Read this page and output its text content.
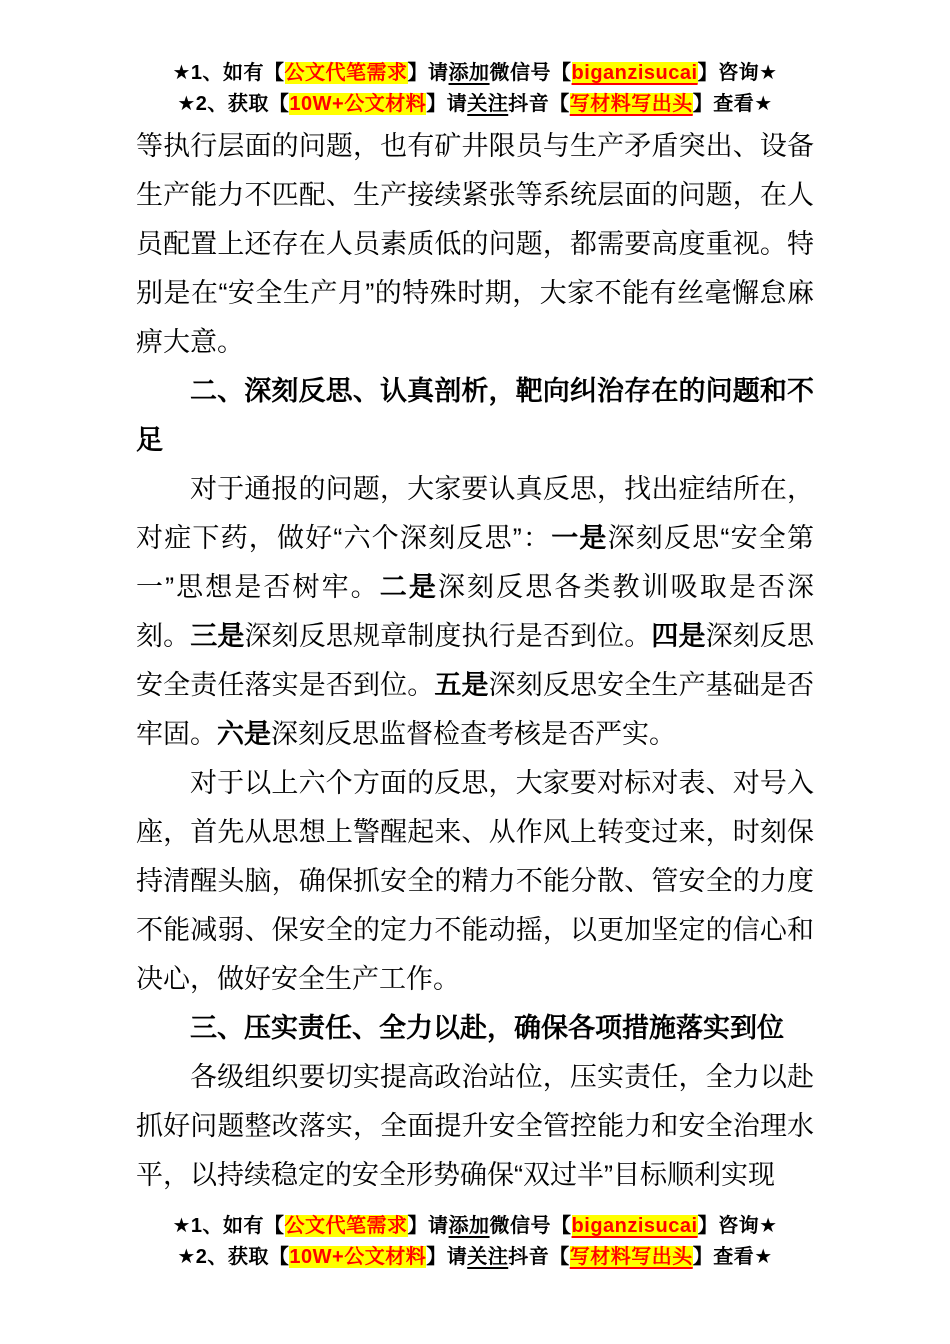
★1、如有【公文代笔需求】请添加微信号【biganzisucai】咨询★
★2、获取【10W+公文材料】请关注抖音【写材料写出头】查看★

等执行层面的问题，也有矿井限员与生产矛盾突出、设备生产能力不匹配、生产接续紧张等系统层面的问题，在人员配置上还存在人员素质低的问题，都需要高度重视。特别是在“安全生产月”的特殊时期，大家不能有丝毫懈怠麻痹大意。

二、深刻反思、认真剖析，靶向纠治存在的问题和不足

对于通报的问题，大家要认真反思，找出症结所在，对症下药，做好“六个深刻反思”：一是深刻反思“安全第一”思想是否树牢。二是深刻反思各类教训吸取是否深刻。三是深刻反思规章制度执行是否到位。四是深刻反思安全责任落实是否到位。五是深刻反思安全生产基础是否牢固。六是深刻反思监督检查考核是否严实。

对于以上六个方面的反思，大家要对标对表、对号入座，首先从思想上警醒起来、从作风上转变过来，时刻保持清醒头脑，确保抓安全的精力不能分散、管安全的力度不能减弱、保安全的定力不能动摇，以更加坚定的信心和决心，做好安全生产工作。

三、压实责任、全力以赴，确保各项措施落实到位

各级组织要切实提高政治站位，压实责任，全力以赴抓好问题整改落实，全面提升安全管控能力和安全治理水平，以持续稳定的安全形势确保“双过半”目标顺利实现

★1、如有【公文代笔需求】请添加微信号【biganzisucai】咨询★
★2、获取【10W+公文材料】请关注抖音【写材料写出头】查看★
